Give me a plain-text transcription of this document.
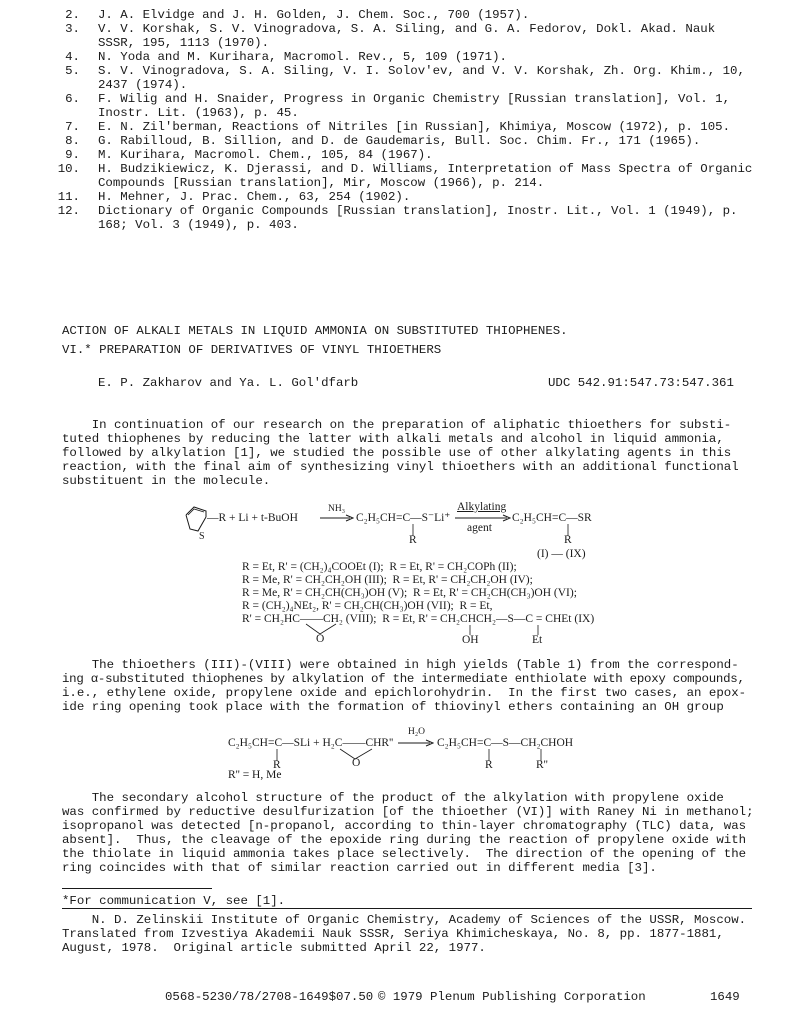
2. J. A. Elvidge and J. H. Golden, J. Chem. Soc., 700 (1957).
3. V. V. Korshak, S. V. Vinogradova, S. A. Siling, and G. A. Fedorov, Dokl. Akad. Nauk
SSSR, 195, 1113 (1970).
4. N. Yoda and M. Kurihara, Macromol. Rev., 5, 109 (1971).
5. S. V. Vinogradova, S. A. Siling, V. I. Solov'ev, and V. V. Korshak, Zh. Org. Khim., 10,
2437 (1974).
6. F. Wilig and H. Snaider, Progress in Organic Chemistry [Russian translation], Vol. 1,
Inostr. Lit. (1963), p. 45.
7. E. N. Zil'berman, Reactions of Nitriles [in Russian], Khimiya, Moscow (1972), p. 105.
8. G. Rabilloud, B. Sillion, and D. de Gaudemaris, Bull. Soc. Chim. Fr., 171 (1965).
9. M. Kurihara, Macromol. Chem., 105, 84 (1967).
10. H. Budzikiewicz, K. Djerassi, and D. Williams, Interpretation of Mass Spectra of Organic
Compounds [Russian translation], Mir, Moscow (1966), p. 214.
11. H. Mehner, J. Prac. Chem., 63, 254 (1902).
12. Dictionary of Organic Compounds [Russian translation], Inostr. Lit., Vol. 1 (1949), p.
168; Vol. 3 (1949), p. 403.
ACTION OF ALKALI METALS IN LIQUID AMMONIA ON SUBSTITUTED THIOPHENES.
VI.* PREPARATION OF DERIVATIVES OF VINYL THIOETHERS
E. P. Zakharov and Ya. L. Gol'dfarb	UDC 542.91:547.73:547.361

In continuation of our research on the preparation of aliphatic thioethers for substi-

tuted thiophenes by reducing the latter with alkali metals and alcohol in liquid ammonia,

followed by alkylation [1], we studied the possible use of other alkylating agents in this

reaction, with the final aim of synthesizing vinyl thioethers with an additional functional

substituent in the molecule.

—R + Li + t-BuOH
S
NH₃
C₂H₅CH=C—S⁻Li⁺
R
Alkylating
agent
C₂H₅CH=C—SR
R
(I) — (IX)
R = Et, R' = (CH₂)₄COOEt (I);  R = Et, R' = CH₂COPh (II);
R = Me, R' = CH₂CH₂OH (III);  R = Et, R' = CH₂CH₂OH (IV);
R = Me, R' = CH₂CH(CH₃)OH (V);  R = Et, R' = CH₂CH(CH₃)OH (VI);
R = (CH₂)₄NEt₂, R' = CH₂CH(CH₃)OH (VII);  R = Et,
R' = CH₂HC——CH₂ (VIII);  R = Et, R' = CH₂CHCH₂—S—C = CHEt (IX)
O	OH	Et
C₂H₅CH=C—SLi + H₂C——CHR''
H₂O
C₂H₅CH=C—S—CH₂CHOH
R	O	R	R''
R'' = H, Me

The thioethers (III)-(VIII) were obtained in high yields (Table 1) from the correspond-

ing α-substituted thiophenes by alkylation of the intermediate enthiolate with epoxy compounds,

i.e., ethylene oxide, propylene oxide and epichlorohydrin.  In the first two cases, an epox-

ide ring opening took place with the formation of thiovinyl ethers containing an OH group

The secondary alcohol structure of the product of the alkylation with propylene oxide

was confirmed by reductive desulfurization [of the thioether (VI)] with Raney Ni in methanol;

isopropanol was detected [n-propanol, according to thin-layer chromatography (TLC) data, was

absent].  Thus, the cleavage of the epoxide ring during the reaction of propylene oxide with

the thiolate in liquid ammonia takes place selectively.  The direction of the opening of the

ring coincides with that of similar reaction carried out in different media [3].

*For communication V, see [1].

N. D. Zelinskii Institute of Organic Chemistry, Academy of Sciences of the USSR, Moscow.

Translated from Izvestiya Akademii Nauk SSSR, Seriya Khimicheskaya, No. 8, pp. 1877-1881,

August, 1978.  Original article submitted April 22, 1977.

0568-5230/78/2708-1649$07.50 © 1979 Plenum Publishing Corporation	1649
